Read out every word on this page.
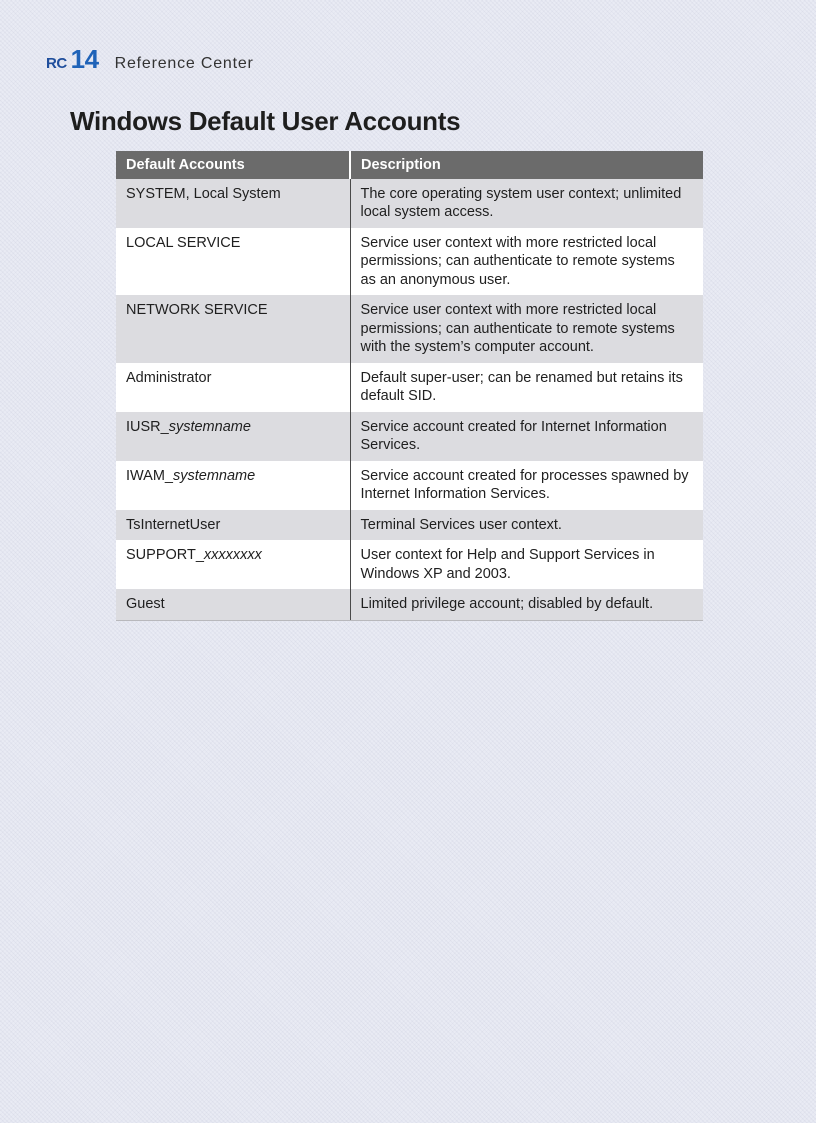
RC 14 Reference Center
Windows Default User Accounts
Default Accounts	Description
SYSTEM, Local System	The core operating system user context; unlimited local system access.
LOCAL SERVICE	Service user context with more restricted local permissions; can authenticate to remote systems as an anonymous user.
NETWORK SERVICE	Service user context with more restricted local permissions; can authenticate to remote systems with the system’s computer account.
Administrator	Default super-user; can be renamed but retains its default SID.
IUSR_systemname	Service account created for Internet Information Services.
IWAM_systemname	Service account created for processes spawned by Internet Information Services.
TsInternetUser	Terminal Services user context.
SUPPORT_xxxxxxxx	User context for Help and Support Services in Windows XP and 2003.
Guest	Limited privilege account; disabled by default.
